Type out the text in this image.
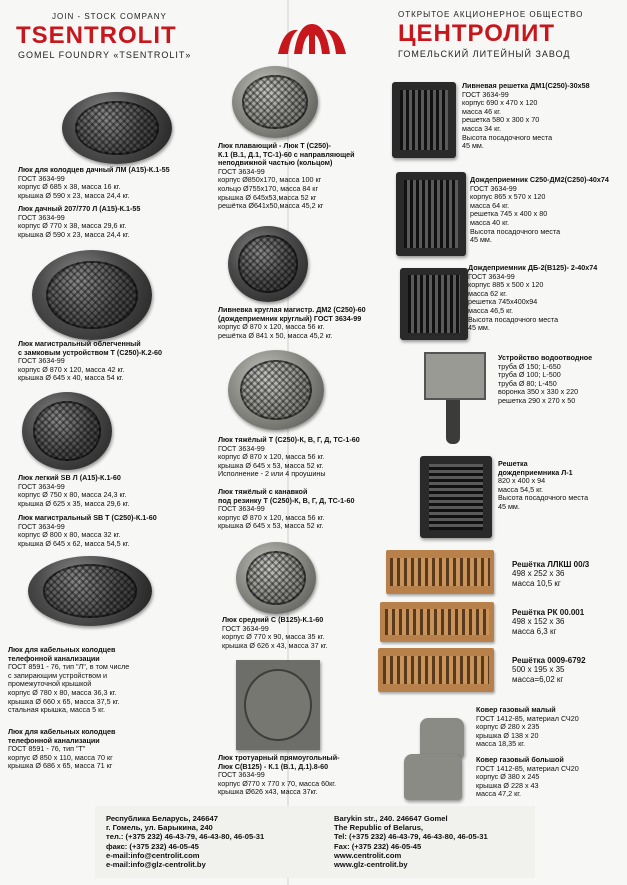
JOIN - STOCK COMPANY
TSENTROLIT
GOMEL FOUNDRY «TSENTROLIT»
ОТКРЫТОЕ АКЦИОНЕРНОЕ ОБЩЕСТВО
ЦЕНТРОЛИТ
ГОМЕЛЬСКИЙ ЛИТЕЙНЫЙ ЗАВОД
Люк для колодцев дачный ЛМ (А15)-К.1-55
ГОСТ 3634-99
корпус Ø 685 х 38, масса 16 кг.
крышка Ø 590 х 23, масса 24,4 кг.
Люк дачный 207/770 Л (А15)-К.1-55
ГОСТ 3634-99
корпус Ø 770 х 38, масса 29,6 кг.
крышка Ø 590 х 23, масса 24,4 кг.
Люк магистральный облегченный
с замковым устройством Т (С250)-К.2-60
ГОСТ 3634-99
корпус Ø 870 х 120, масса 42 кг.
крышка Ø 645 х 40, масса 54 кг.
Люк легкий SB Л (А15)-К.1-60
ГОСТ 3634-99
корпус Ø 750 х 80, масса 24,3 кг.
крышка Ø 625 х 35, масса 29,6 кг.
Люк магистральный SB Т (С250)-К.1-60
ГОСТ 3634-99
корпус Ø 800 х 80, масса 32 кг.
крышка Ø 645 х 62, масса 54,5 кг.
Люк для кабельных колодцев
телефонной канализации
ГОСТ 8591 - 76, тип "Л", в том числе
с запирающим устройством и
промежуточной крышкой
корпус Ø 780 х 80, масса 36,3 кг.
крышка Ø 660 х 65, масса 37,5 кг.
стальная крышка, масса 5 кг.
Люк для кабельных колодцев
телефонной канализации
ГОСТ 8591 - 76, тип "Т"
корпус Ø 850 х 110, масса 70 кг
крышка Ø 686 х 65, масса 71 кг
Люк плавающий - Люк Т (С250)-
К.1 (В.1, Д.1, ТС-1)-60 с направляющей
неподвижной частью (кольцом)
ГОСТ 3634-99
корпус Ø850х170, масса 100 кг
кольцо Ø755х170, масса 84 кг
крышка Ø 645х53,масса 52 кг
решётка Ø641х50,масса 45,2 кг
Ливневка круглая магистр. ДМ2 (С250)-60
(дождеприемник круглый) ГОСТ 3634-99
корпус Ø 870 х 120, масса 56 кг.
решётка Ø 841 х 50, масса 45,2 кг.
Люк тяжёлый Т (С250)-К, В, Г, Д, ТС-1-60
ГОСТ 3634-99
корпус Ø 870 х 120, масса 56 кг.
крышка Ø 645 х 53, масса 52 кг.
Исполнение - 2 или 4 проушины
Люк тяжёлый с канавкой
под резинку Т (С250)-К, В, Г, Д, ТС-1-60
ГОСТ 3634-99
корпус Ø 870 х 120, масса 56 кг.
крышка Ø 645 х 53, масса 52 кг.
Люк средний С (В125)-К.1-60
ГОСТ 3634-99
корпус Ø 770 х 90, масса 35 кг.
крышка Ø 626 х 43, масса 37 кг.
Люк тротуарный прямоугольный-
Люк С(В125) - К.1 (В.1, Д.1).8-60
ГОСТ 3634-99
корпус Ø770 х 770 х 70, масса 60кг.
крышка Ø626 х43, масса 37кг.
Ливневая решетка ДМ1(С250)-30х58
ГОСТ 3634-99
корпус 690 х 470 х 120
масса 46 кг.
решетка 580 х 300 х 70
масса 34 кг.
Высота посадочного места
45 мм.
Дождеприемник С250-ДМ2(С250)-40х74
ГОСТ 3634-99
корпус 865 х 570 х 120
масса 64 кг.
решетка 745 х 400 х 80
масса 40 кг.
Высота посадочного места
45 мм.
Дождеприемник ДБ-2(В125)- 2-40х74
ГОСТ 3634-99
корпус 885 х 500 х 120
масса 62 кг.
решетка 745х400х94
масса 46,5 кг.
Высота посадочного места
45 мм.
Устройство водоотводное
труба Ø 150; L-650
труба Ø 100; L-500
труба Ø 80; L-450
воронка 350 х 330 х 220
решетка 290 х 270 х 50
Решетка
дождеприемника Л-1
820 х 400 х 94
масса 54,5 кг.
Высота посадочного места
45 мм.
Решётка ЛЛКШ 00/3
498 х 252 х 36
масса 10,5 кг
Решётка РК 00.001
498 х 152 х 36
масса 6,3 кг
Решётка 0009-6792
500 х 195 х 35
масса=6,02 кг
Ковер газовый малый
ГОСТ 1412-85, материал СЧ20
корпус Ø 280 х 235
крышка Ø 138 х 20
масса 18,35 кг.
Ковер газовый большой
ГОСТ 1412-85, материал СЧ20
корпус Ø 380 х 245
крышка Ø 228 х 43
масса 47,2 кг.
Республика Беларусь, 246647
г. Гомель, ул. Барыкина, 240
тел.: (+375 232) 46-43-79, 46-43-80, 46-05-31
факс: (+375 232) 46-05-45
e-mail:info@centrolit.com
e-mail:info@glz-centrolit.by
Barykin str., 240. 246647 Gomel
The Republic of Belarus,
Tel: (+375 232) 46-43-79, 46-43-80, 46-05-31
Fax: (+375 232) 46-05-45
www.centrolit.com
www.glz-centrolit.by
